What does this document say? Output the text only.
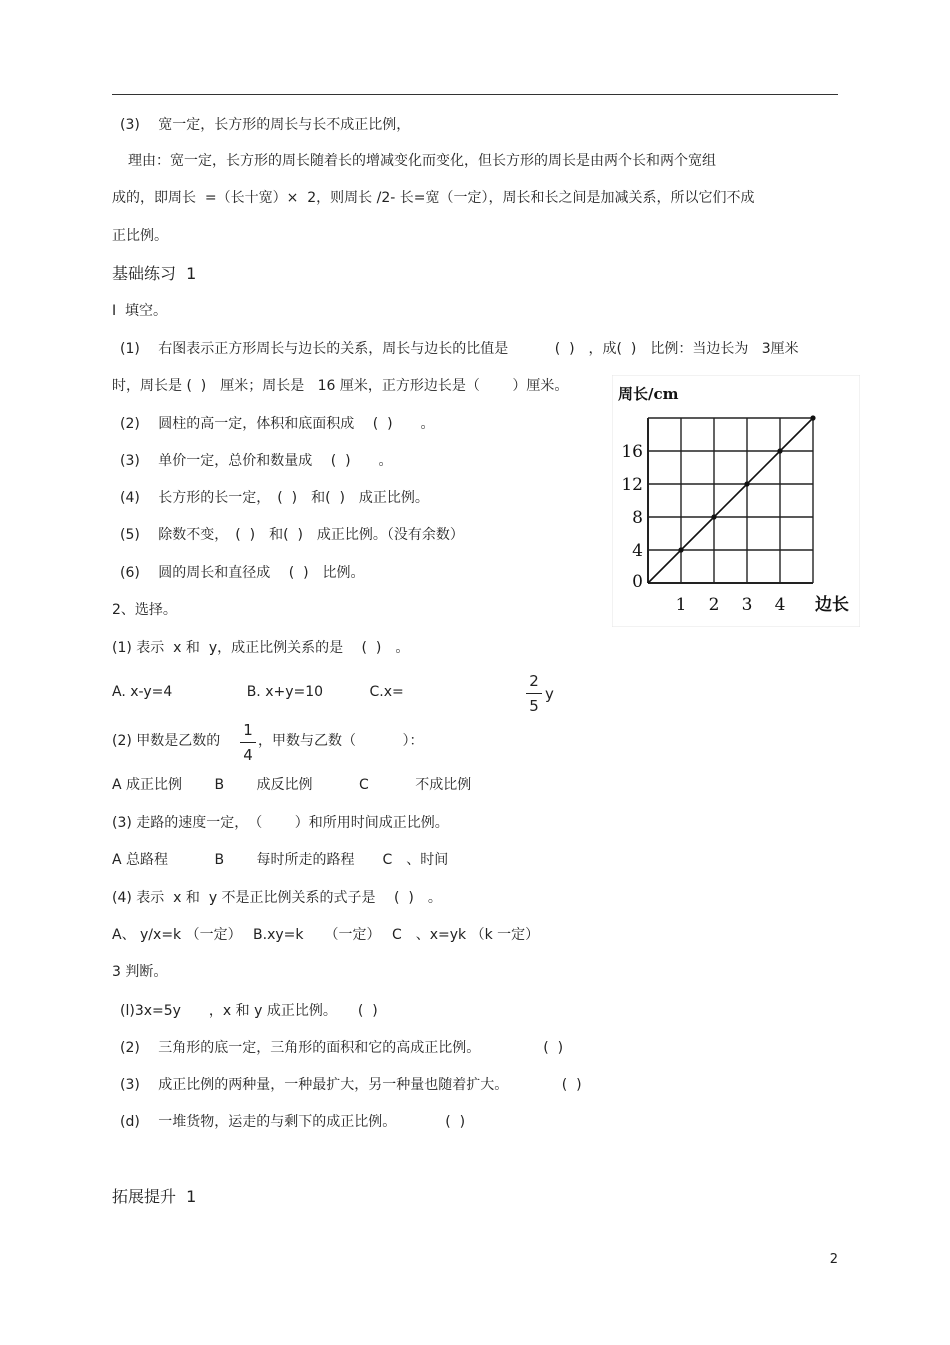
(3)　 宽一定，长方形的周长与长不成正比例，
理由：宽一定，长方形的周长随着长的增减变化而变化，但长方形的周长是由两个长和两个宽组
成的，即周长  =（长十宽）×  2，则周长 /2- 长=宽（一定），周长和长之间是加减关系，所以它们不成
正比例。
基础练习  1
I  填空。
(1)　 右图表示正方形周长与边长的关系，周长与边长的比值是 　　　(  )　，成(  )　比例：当边长为   3厘米
时，周长是 (  )　厘米；周长是   16 厘米，正方形边长是（ 　　）厘米。
(2)　 圆柱的高一定，体积和底面积成 　(  )　　。
(3)　 单价一定，总价和数量成 　(  )　　。
(4)　 长方形的长一定，　(  )　和(  )　成正比例。
(5)　 除数不变，　(  )　和(  )　成正比例。（没有余数）
(6)　 圆的周长和直径成 　(  )　比例。
2、选择。
(1) 表示  x 和  y，成正比例关系的是 　(  )　。
A. x-y=4　　　　　 B. x+y=10　　　 C.x=
2
5
y
(2) 甲数是乙数的
1
4
，甲数与乙数（ 　　　）：
A 成正比例　　 B　　 成反比例　　　 C　　　 不成比例
(3) 走路的速度一定，　（ 　　）和所用时间成正比例。
A 总路程　　　 B　　 每时所走的路程　　C　、时间
(4) 表示  x 和  y 不是正比例关系的式子是 　(  )　。
A、 y/x=k （一定）　 B.xy=k　　（一定）　 C　、x=yk （k 一定）
3 判断。
(l)3x=5y　　，x 和 y 成正比例。　　(  )
(2)　 三角形的底一定，三角形的面积和它的高成正比例。　　　　　(  )
(3)　 成正比例的两种量，一种最扩大，另一种量也随着扩大。　　　　 (  )
(d)　 一堆货物，运走的与剩下的成正比例。　　　　(  )
拓展提升  1
2
1 2 3 4
4
8
12
16
0
周长/cm
边长
